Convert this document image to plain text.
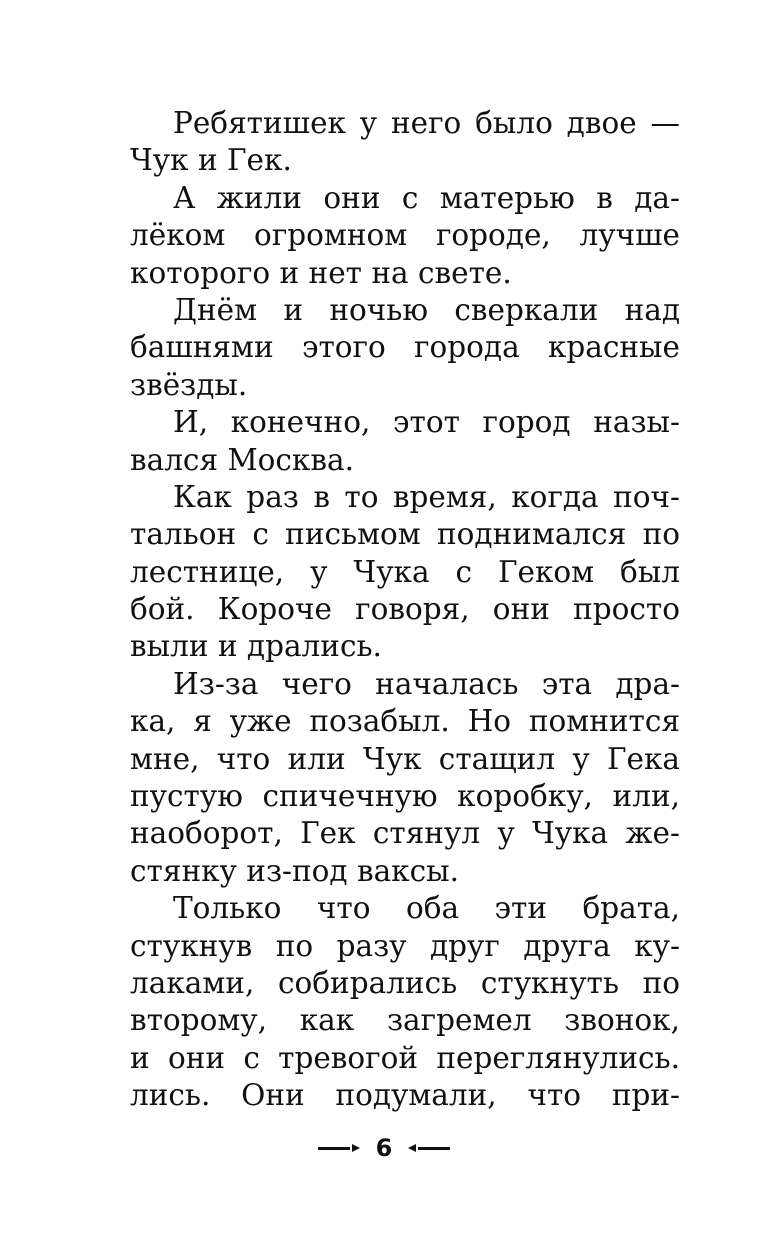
Ребятишек у него было двое —
Чук и Гек.
А жили они с матерью в да-
лёком огромном городе, лучше
которого и нет на свете.
Днём и ночью сверкали над
башнями этого города красные
звёзды.
И, конечно, этот город назы-
вался Москва.
Как раз в то время, когда поч-
тальон с письмом поднимался по
лестнице, у Чука с Геком был
бой. Короче говоря, они просто
выли и дрались.
Из-за чего началась эта дра-
ка, я уже позабыл. Но помнится
мне, что или Чук стащил у Гека
пустую спичечную коробку, или,
наоборот, Гек стянул у Чука же-
стянку из-под ваксы.
Только что оба эти брата,
стукнув по разу друг друга ку-
лаками, собирались стукнуть по
второму, как загремел звонок,
и они с тревогой переглянулись.
лись. Они подумали, что при-
6
